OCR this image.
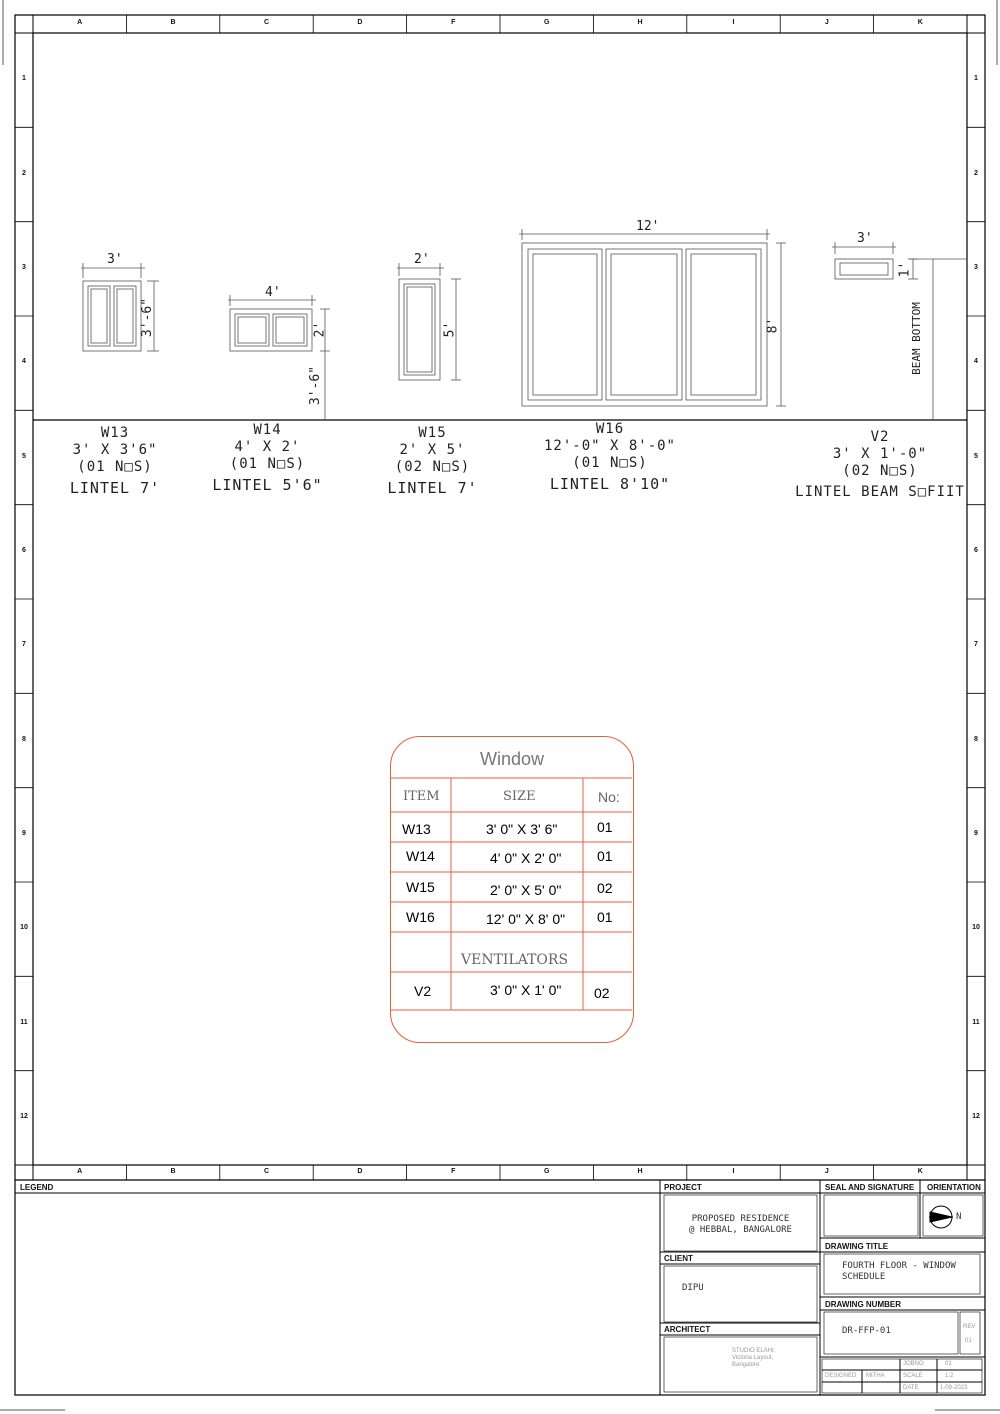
A
A
B
B
C
C
D
D
F
F
G
G
H
H
I
I
J
J
K
K
1	1
2	2
3	3
4	4
5	5
6	6
7	7
8	8
9	9
10	10
11	11
12	12
3'
3'-6"
4'
2'
3'-6"
2'
5'
12'
8'
3'
1'
BEAM BOTTOM
W13
3' X 3'6"
(01 N□S)
LINTEL 7'
W14
4' X 2'
(01 N□S)
LINTEL 5'6"
W15
2' X 5'
(02 N□S)
LINTEL 7'
W16
12'-0" X 8'-0"
(01 N□S)
LINTEL 8'10"
V2
3' X 1'-0"
(02 N□S)
LINTEL BEAM S□FIIT
Window
ITEM	SIZE	No:
W13	3' 0" X 3' 6"	01
W14	4' 0" X 2' 0"	01
W15	2' 0" X 5' 0"	02
W16	12' 0" X 8' 0" 01
VENTILATORS
V2	3' 0" X 1' 0" 02
LEGEND	PROJECT
PROPOSED RESIDENCE
@ HEBBAL, BANGALORE
CLIENT
DIPU
ARCHITECT
STUDIO ELAHI,
Victoria Layout,
Bangalore
SEAL AND SIGNATURE ORIENTATION
N
DRAWING TITLE
FOURTH FLOOR - WINDOW
SCHEDULE
DRAWING NUMBER
DR-FFP-01	REV
01
JOBNO	01
DESIGNED MITHA	SCALE	1:2
DATE	1-09-2023
